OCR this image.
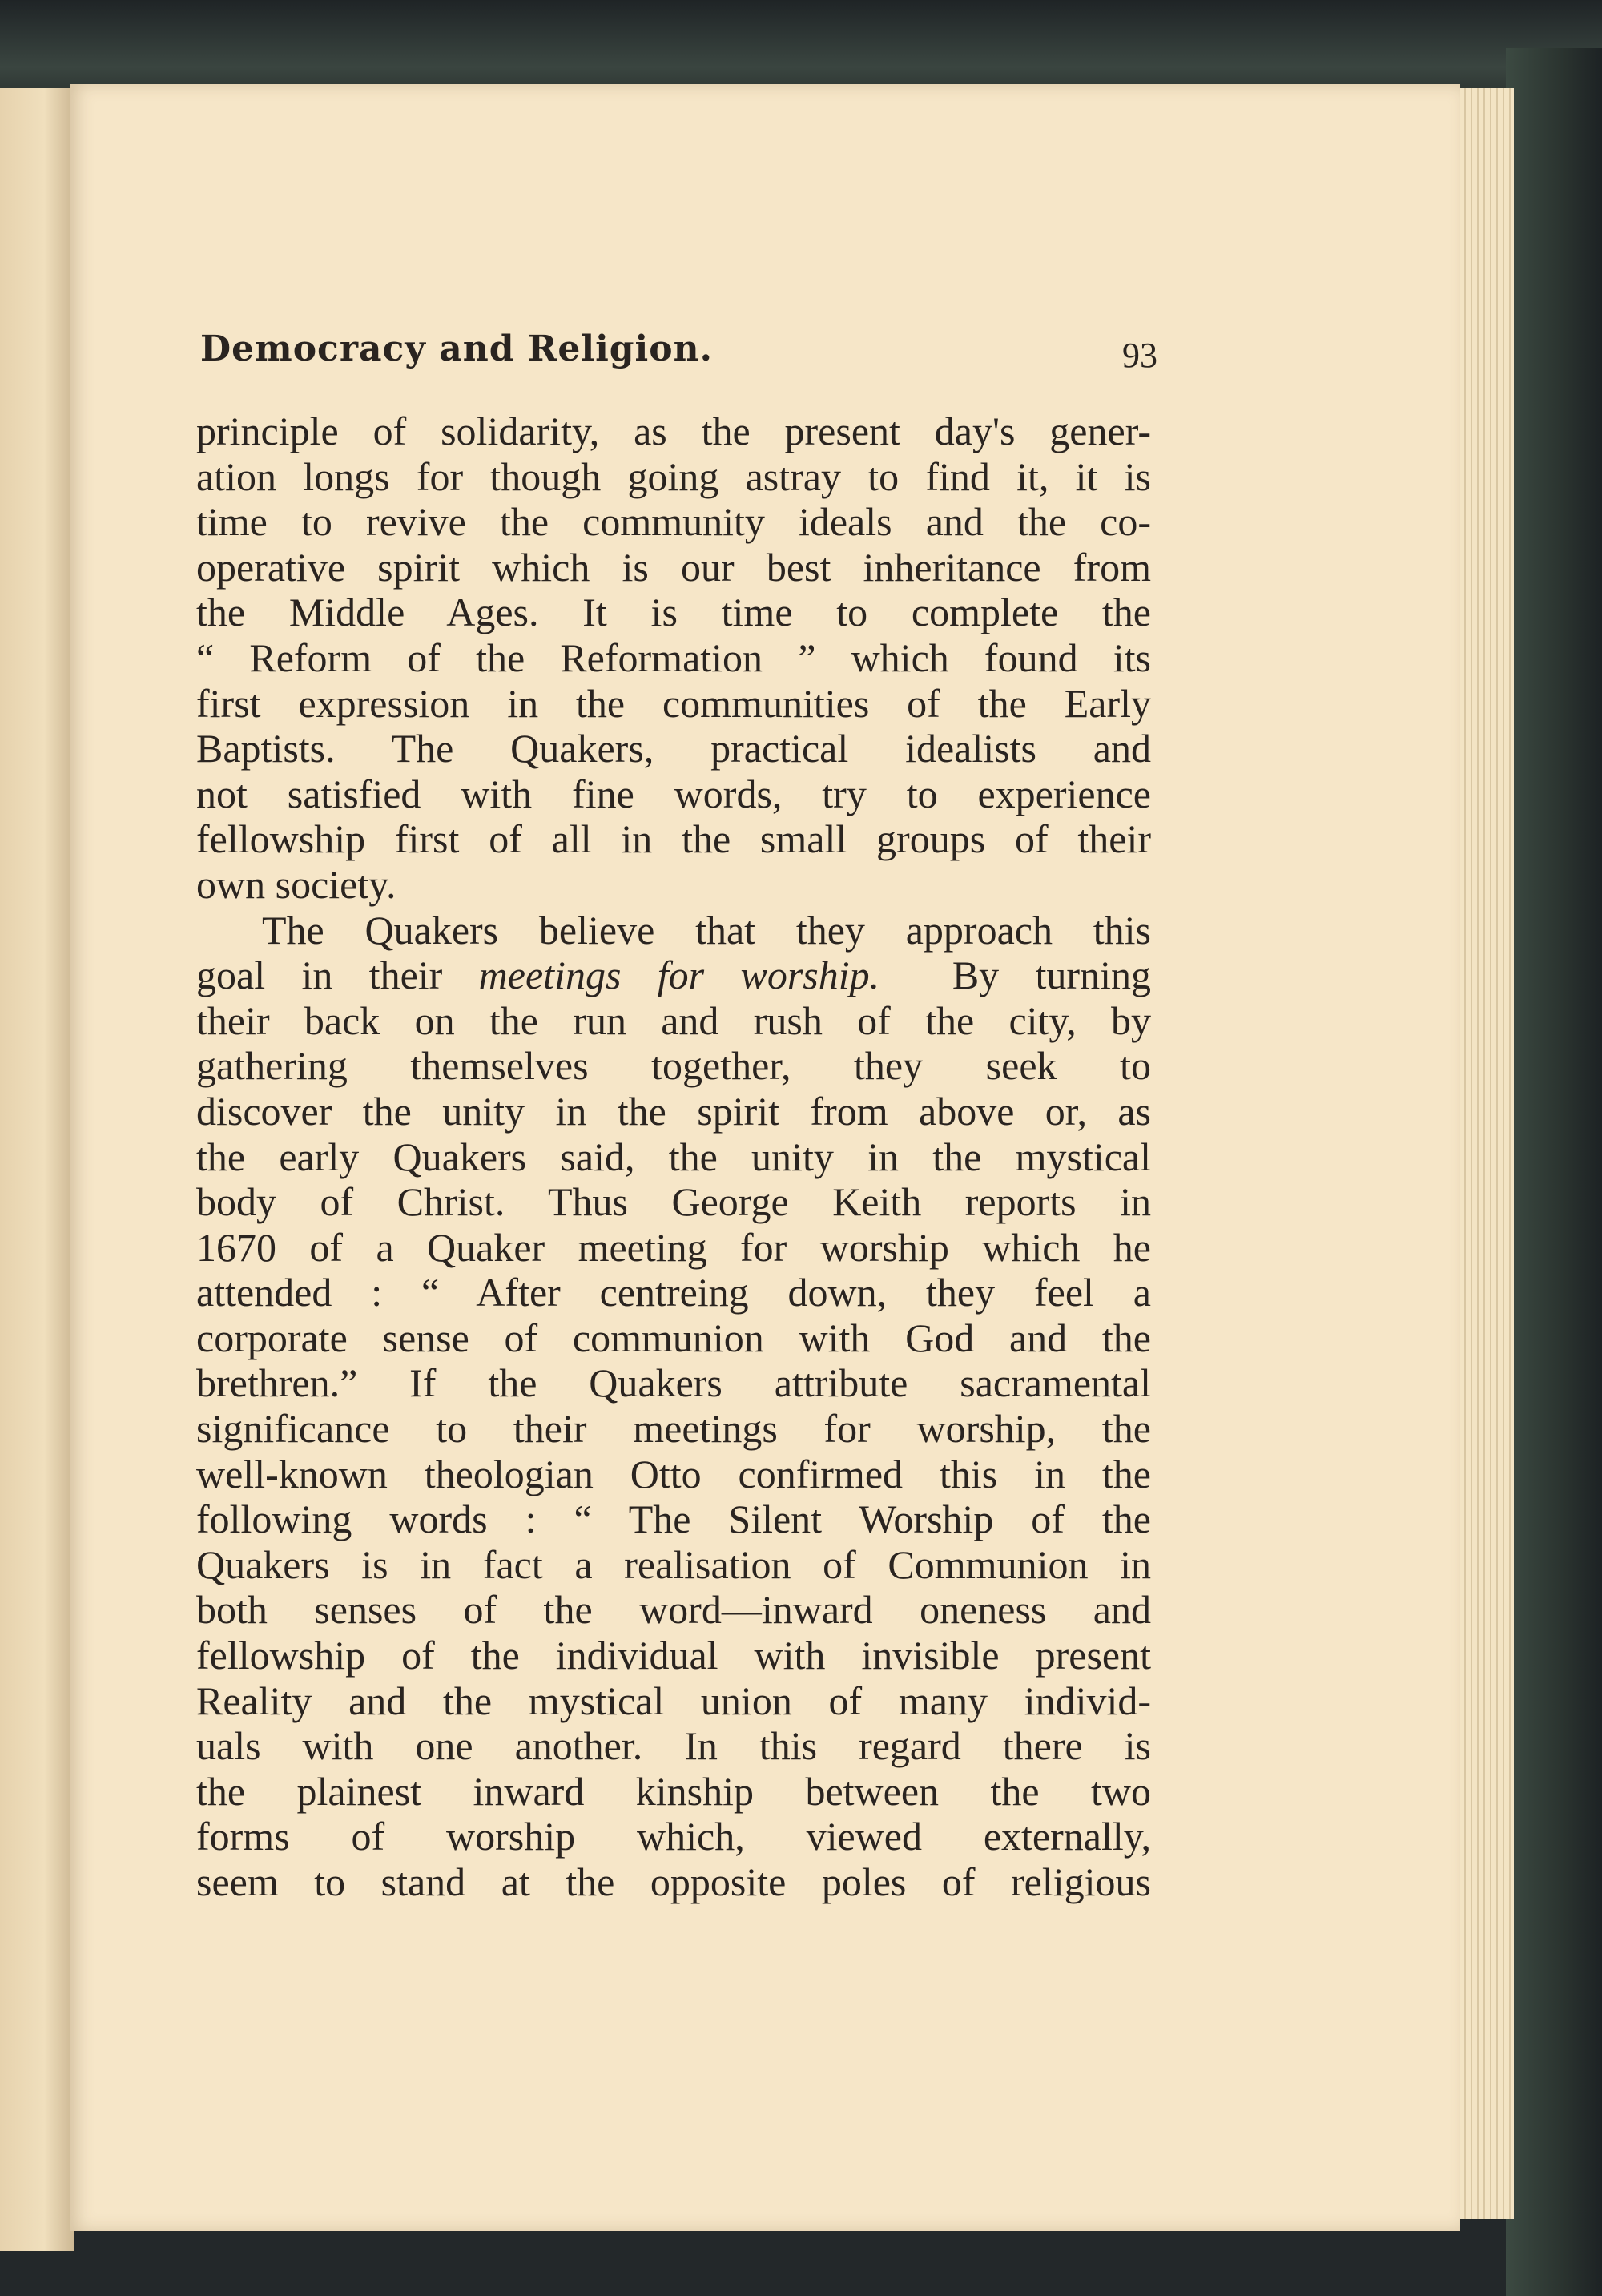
Democracy and Religion.	93
principle of solidarity, as the present day's gener-
ation longs for though going astray to find it, it is
time to revive the community ideals and the co-
operative spirit which is our best inheritance from
the Middle Ages. It is time to complete the
“ Reform of the Reformation ” which found its
first expression in the communities of the Early
Baptists. The Quakers, practical idealists and
not satisfied with fine words, try to experience
fellowship first of all in the small groups of their
own society.
The Quakers believe that they approach this
goal in their meetings for worship.  By turning
their back on the run and rush of the city, by
gathering themselves together, they seek to
discover the unity in the spirit from above or, as
the early Quakers said, the unity in the mystical
body of Christ. Thus George Keith reports in
1670 of a Quaker meeting for worship which he
attended : “ After centreing down, they feel a
corporate sense of communion with God and the
brethren.” If the Quakers attribute sacramental
significance to their meetings for worship, the
well-known theologian Otto confirmed this in the
following words : “ The Silent Worship of the
Quakers is in fact a realisation of Communion in
both senses of the word—inward oneness and
fellowship of the individual with invisible present
Reality and the mystical union of many individ-
uals with one another. In this regard there is
the plainest inward kinship between the two
forms of worship which, viewed externally,
seem to stand at the opposite poles of religious
